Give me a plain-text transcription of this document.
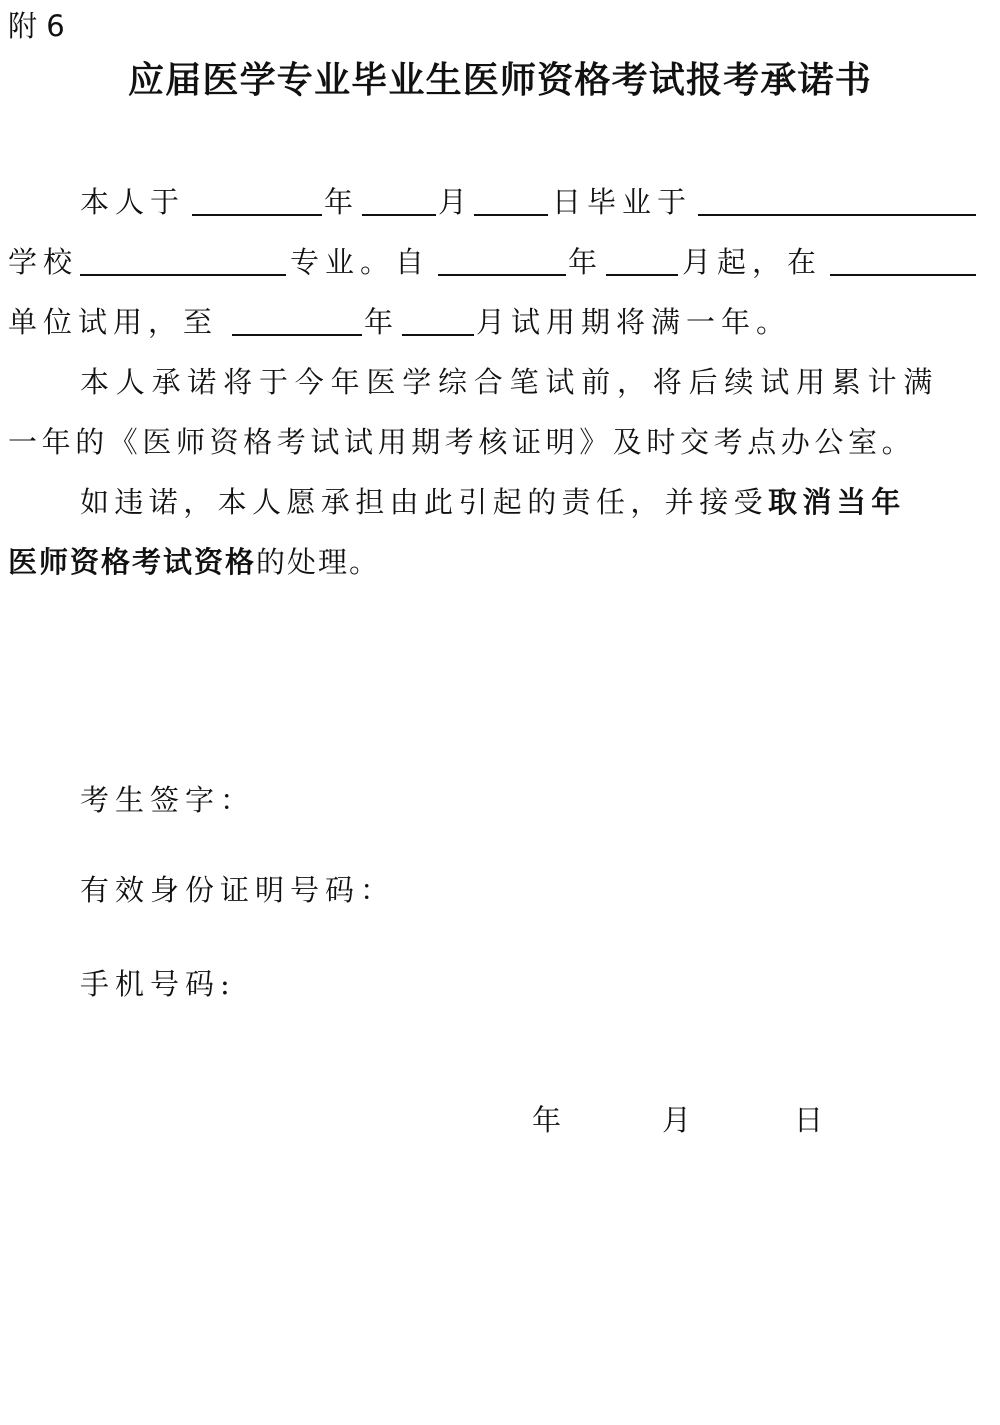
附 6
应届医学专业毕业生医师资格考试报考承诺书
本人于	年	月	日毕业于
学校	专业。自	年	月起，在
单位试用，至	年	月试用期将满一年。
本人承诺将于今年医学综合笔试前，将后续试用累计满
一年的《医师资格考试试用期考核证明》及时交考点办公室。
如违诺，本人愿承担由此引起的责任，并接受取消当年
医师资格考试资格的处理。
考生签字：
有效身份证明号码：
手机号码:
年	月	日
